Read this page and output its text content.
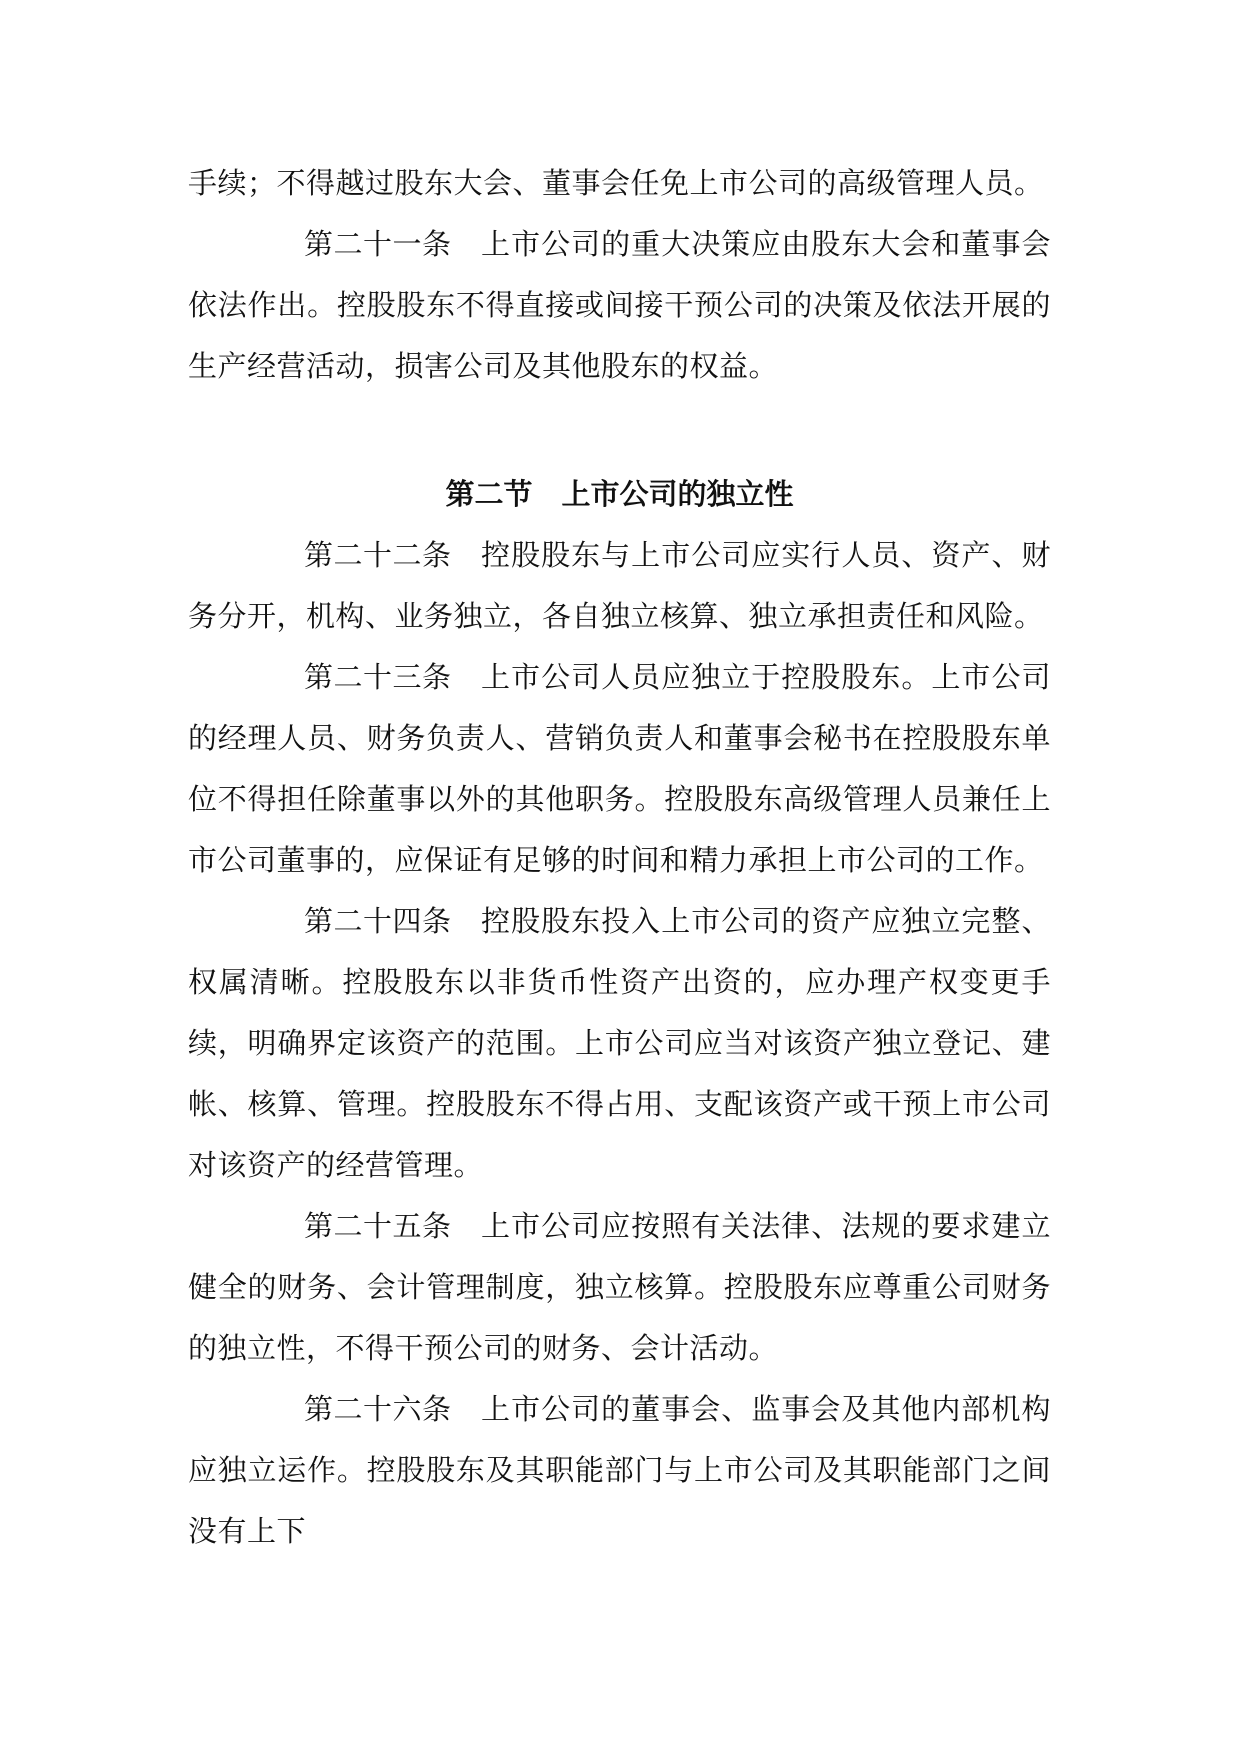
手续；不得越过股东大会、董事会任免上市公司的高级管理人员。

第二十一条 上市公司的重大决策应由股东大会和董事会依法作出。控股股东不得直接或间接干预公司的决策及依法开展的生产经营活动，损害公司及其他股东的权益。

第二节 上市公司的独立性

第二十二条 控股股东与上市公司应实行人员、资产、财务分开，机构、业务独立，各自独立核算、独立承担责任和风险。

第二十三条 上市公司人员应独立于控股股东。上市公司的经理人员、财务负责人、营销负责人和董事会秘书在控股股东单位不得担任除董事以外的其他职务。控股股东高级管理人员兼任上市公司董事的，应保证有足够的时间和精力承担上市公司的工作。

第二十四条 控股股东投入上市公司的资产应独立完整、权属清晰。控股股东以非货币性资产出资的，应办理产权变更手续，明确界定该资产的范围。上市公司应当对该资产独立登记、建帐、核算、管理。控股股东不得占用、支配该资产或干预上市公司对该资产的经营管理。

第二十五条 上市公司应按照有关法律、法规的要求建立健全的财务、会计管理制度，独立核算。控股股东应尊重公司财务的独立性，不得干预公司的财务、会计活动。

第二十六条 上市公司的董事会、监事会及其他内部机构应独立运作。控股股东及其职能部门与上市公司及其职能部门之间没有上下
